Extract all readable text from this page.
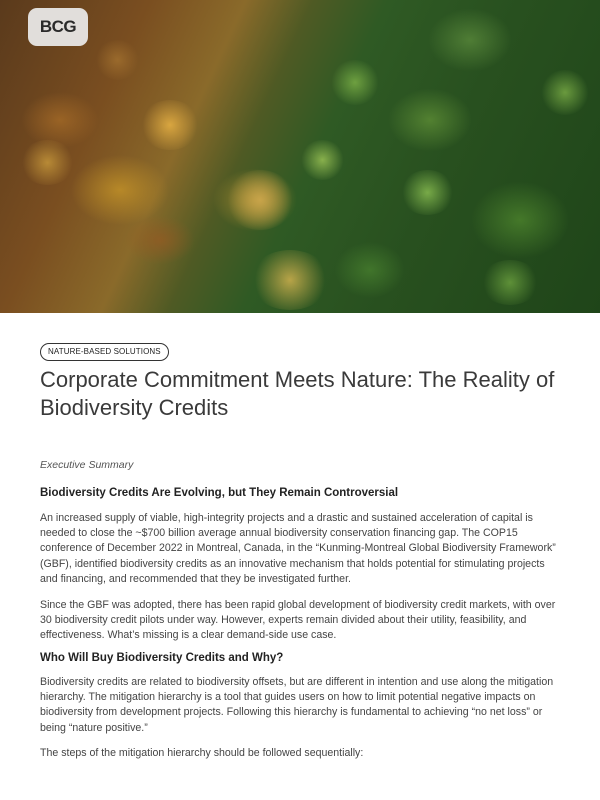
BCG
NATURE-BASED SOLUTIONS
Corporate Commitment Meets Nature: The Reality of Biodiversity Credits

Executive Summary

Biodiversity Credits Are Evolving, but They Remain Controversial

An increased supply of viable, high-integrity projects and a drastic and sustained acceleration of capital is needed to close the ~$700 billion average annual biodiversity conservation financing gap. The COP15 conference of December 2022 in Montreal, Canada, in the “Kunming-Montreal Global Biodiversity Framework” (GBF), identified biodiversity credits as an innovative mechanism that holds potential for stimulating projects and financing, and recommended that they be investigated further.

Since the GBF was adopted, there has been rapid global development of biodiversity credit markets, with over 30 biodiversity credit pilots under way. However, experts remain divided about their utility, feasibility, and effectiveness. What’s missing is a clear demand-side use case.

Who Will Buy Biodiversity Credits and Why?

Biodiversity credits are related to biodiversity offsets, but are different in intention and use along the mitigation hierarchy. The mitigation hierarchy is a tool that guides users on how to limit potential negative impacts on biodiversity from development projects. Following this hierarchy is fundamental to achieving “no net loss” or being “nature positive.”

The steps of the mitigation hierarchy should be followed sequentially:
